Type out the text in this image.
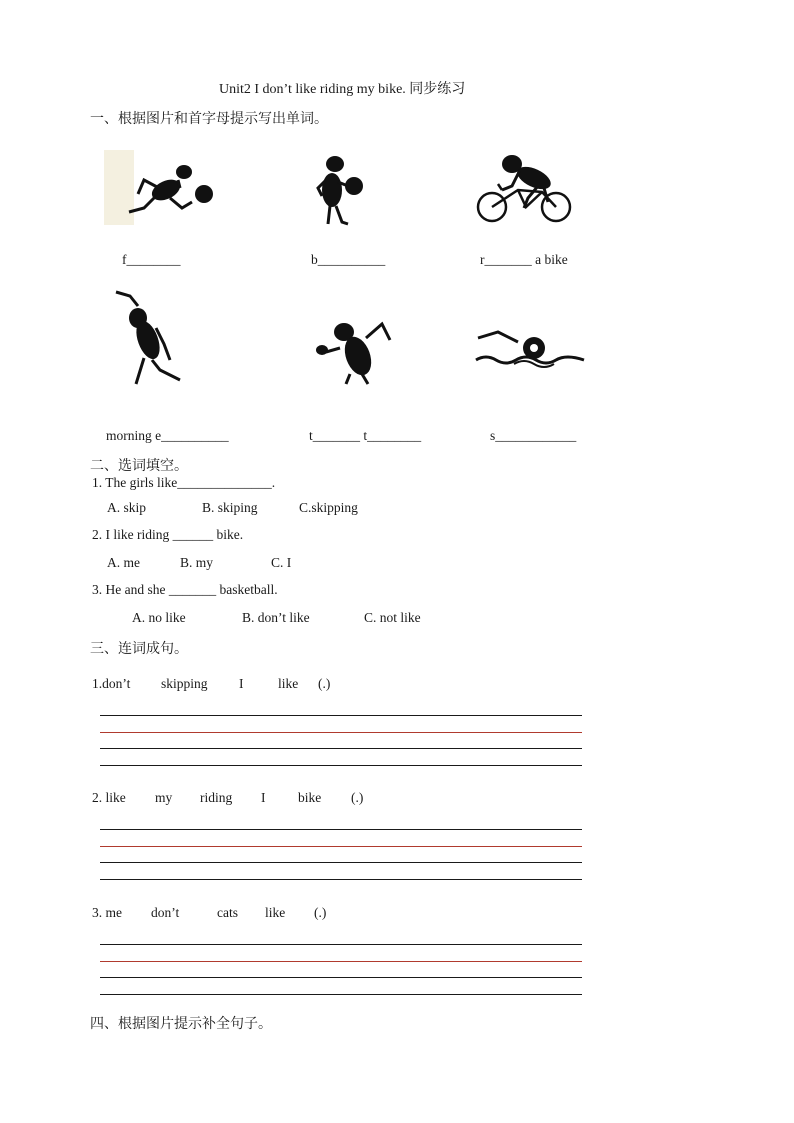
Unit2 I don’t like riding my bike. 同步练习
一、根据图片和首字母提示写出单词。
f________	b__________	r_______ a bike
morning e__________	t_______ t________	s____________
二、选词填空。
1. The girls like______________.
A. skip	B. skiping	C.skipping
2. I like riding ______ bike.
A. me	B. my	C. I
3. He and she _______ basketball.
A. no like	B. don’t like	C. not like
三、连词成句。
1.don’t skipping I	like (.)
2. like my riding I bike (.)
3. me don’t	cats like (.)
四、根据图片提示补全句子。
